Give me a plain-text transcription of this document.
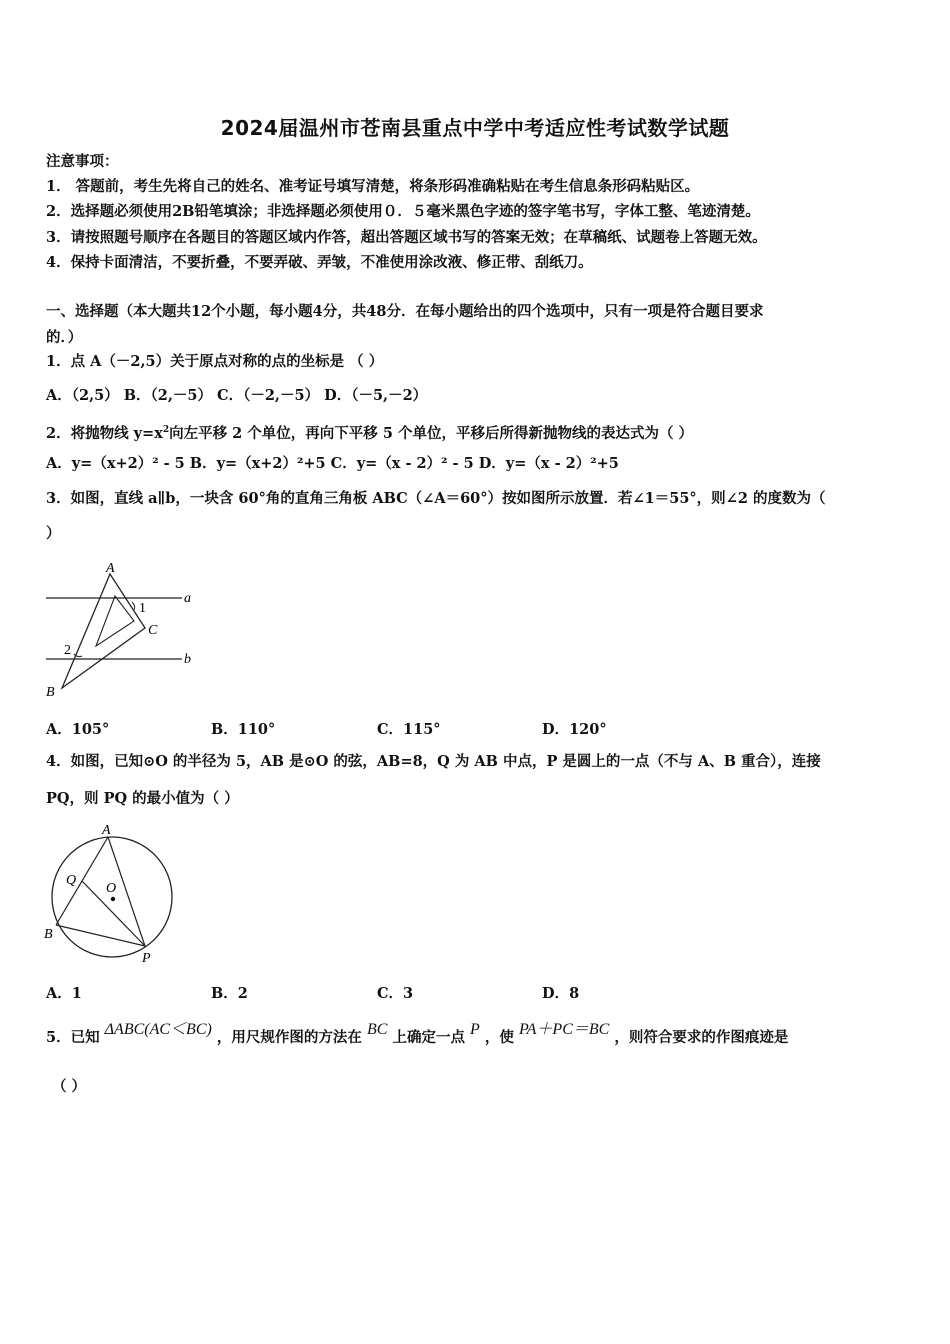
2024届温州市苍南县重点中学中考适应性考试数学试题
注意事项：
1． 答题前，考生先将自己的姓名、准考证号填写清楚，将条形码准确粘贴在考生信息条形码粘贴区。
2．选择题必须使用2B铅笔填涂；非选择题必须使用０．５毫米黑色字迹的签字笔书写，字体工整、笔迹清楚。
3．请按照题号顺序在各题目的答题区域内作答，超出答题区域书写的答案无效；在草稿纸、试题卷上答题无效。
4．保持卡面清洁，不要折叠，不要弄破、弄皱，不准使用涂改液、修正带、刮纸刀。
一、选择题（本大题共12个小题，每小题4分，共48分．在每小题给出的四个选项中，只有一项是符合题目要求
的．）
1．点 A（－2,5）关于原点对称的点的坐标是 （ ）
A．（2,5） B．（2,－5） C．（－2,－5） D．（－5,－2）
2．将抛物线 $y=x^2$向左平移 2 个单位，再向下平移 5 个单位，平移后所得新抛物线的表达式为（ ）
A．y=（x+2）² - 5 B．y=（x+2）²+5 C．y=（x - 2）² - 5 D．y=（x - 2）²+5
3．如图，直线 a∥b，一块含 60°角的直角三角板 ABC（∠A＝60°）按如图所示放置．若∠1＝55°，则∠2 的度数为（
）
A
1
C
a
b
2
B
A．105°	B．110°	C．115°	D．120°
4．如图，已知⊙O 的半径为 5，AB 是⊙O 的弦，AB=8，Q 为 AB 中点，P 是圆上的一点（不与 A、B 重合），连接
PQ，则 PQ 的最小值为（ ）
A
Q
O
B
P
A．1	B．2	C．3	D．8
5．已知 ΔABC(AC＜BC) ，用尺规作图的方法在 BC 上确定一点 P ，使 PA＋PC＝BC ，则符合要求的作图痕迹是
（ ）
